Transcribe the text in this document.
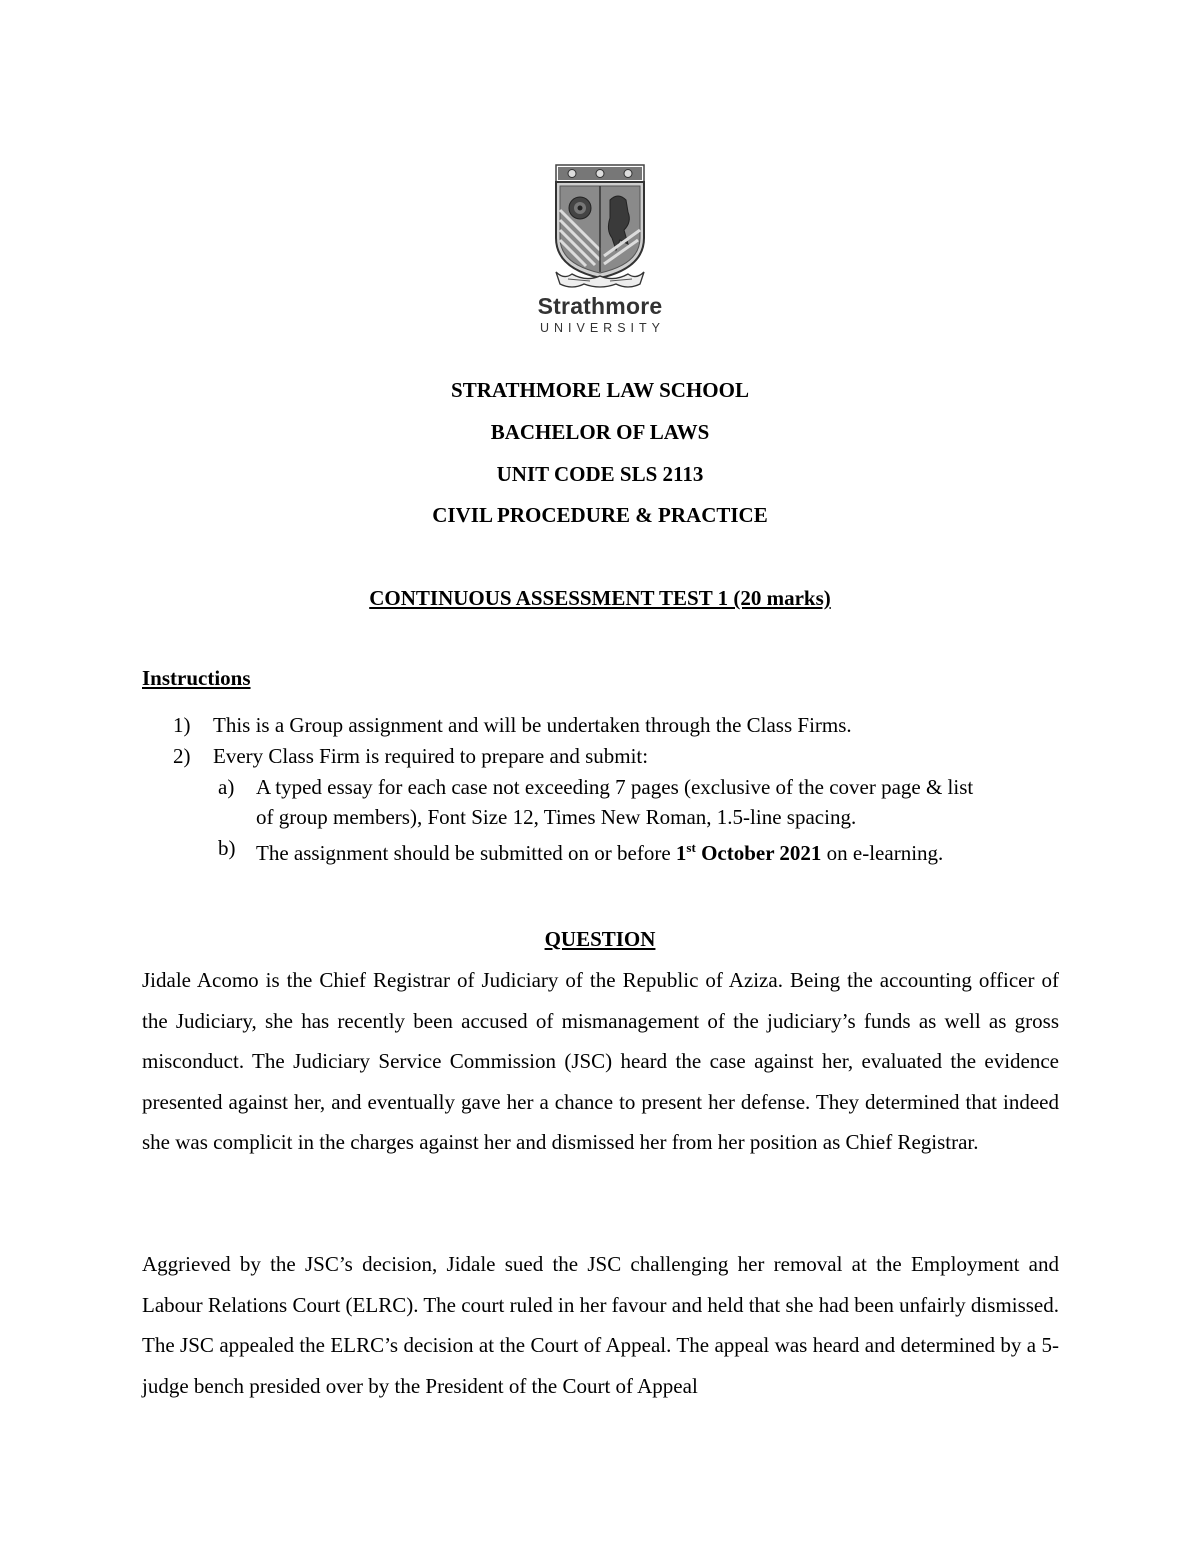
Strathmore
UNIVERSITY
STRATHMORE LAW SCHOOL
BACHELOR OF LAWS
UNIT CODE SLS 2113
CIVIL PROCEDURE & PRACTICE
CONTINUOUS ASSESSMENT TEST 1 (20 marks)
Instructions
1) This is a Group assignment and will be undertaken through the Class Firms.
2) Every Class Firm is required to prepare and submit:
a) A typed essay for each case not exceeding 7 pages (exclusive of the cover page & list
of group members), Font Size 12, Times New Roman, 1.5-line spacing.
b) The assignment should be submitted on or before 1st October 2021 on e-learning.
QUESTION

Jidale Acomo is the Chief Registrar of Judiciary of the Republic of Aziza. Being the accounting officer of the Judiciary, she has recently been accused of mismanagement of the judiciary’s funds as well as gross misconduct. The Judiciary Service Commission (JSC) heard the case against her, evaluated the evidence presented against her, and eventually gave her a chance to present her defense. They determined that indeed she was complicit in the charges against her and dismissed her from her position as Chief Registrar.

Aggrieved by the JSC’s decision, Jidale sued the JSC challenging her removal at the Employment and Labour Relations Court (ELRC). The court ruled in her favour and held that she had been unfairly dismissed. The JSC appealed the ELRC’s decision at the Court of Appeal. The appeal was heard and determined by a 5-judge bench presided over by the President of the Court of Appeal
